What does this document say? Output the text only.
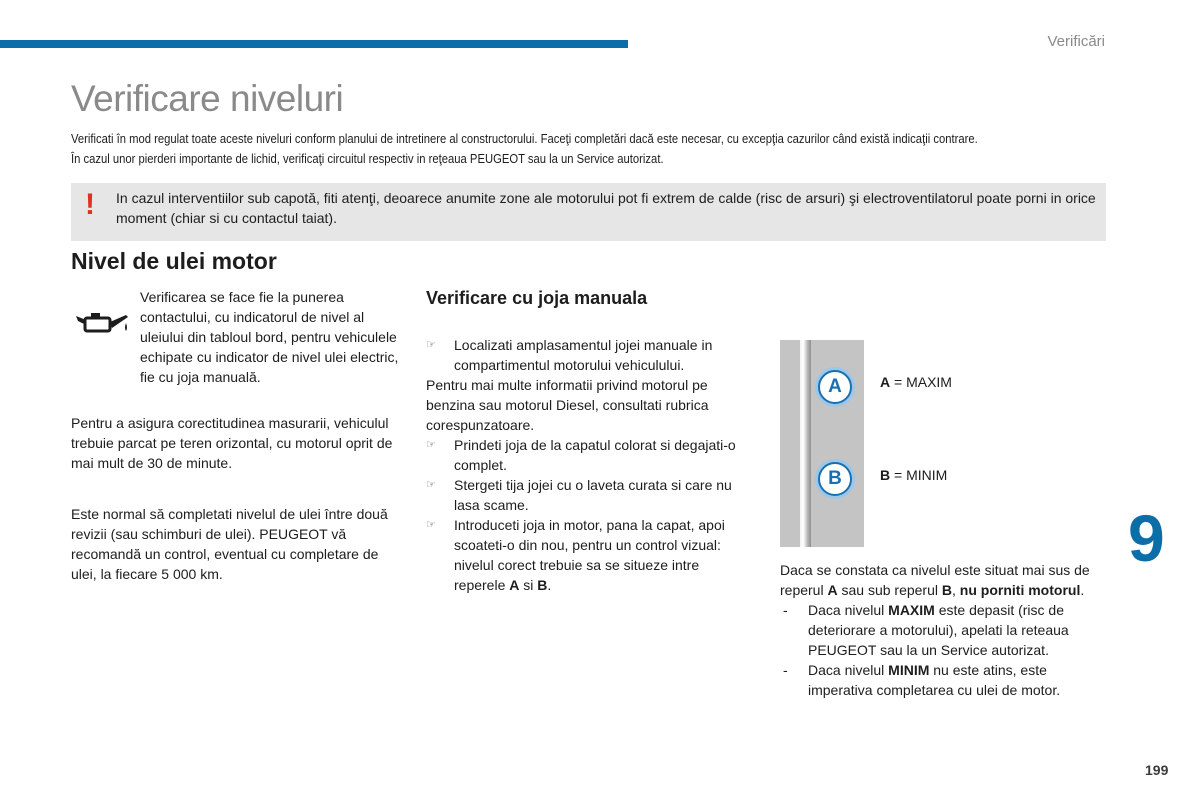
Verificări
Verificare niveluri

Verificati în mod regulat toate aceste niveluri conform planului de intretinere al constructorului. Faceţi completări dacă este necesar, cu excepţia cazurilor când există indicaţii contrare.

În cazul unor pierderi importante de lichid, verificaţi circuitul respectiv in reţeaua PEUGEOT sau la un Service autorizat.

! In cazul interventiilor sub capotă, fiti atenţi, deoarece anumite zone ale motorului pot fi extrem de calde (risc de arsuri) şi electroventilatorul poate porni in orice moment (chiar si cu contactul taiat).

Nivel de ulei motor

Verificarea se face fie la punerea contactului, cu indicatorul de nivel al uleiului din tabloul bord, pentru vehiculele echipate cu indicator de nivel ulei electric, fie cu joja manuală.

Pentru a asigura corectitudinea masurarii, vehiculul trebuie parcat pe teren orizontal, cu motorul oprit de mai mult de 30 de minute.

Este normal să completati nivelul de ulei între două revizii (sau schimburi de ulei). PEUGEOT vă recomandă un control, eventual cu completare de ulei, la fiecare 5 000 km.

Verificare cu joja manuala
☞ Localizati amplasamentul jojei manuale in compartimentul motorului vehiculului.
Pentru mai multe informatii privind motorul pe benzina sau motorul Diesel, consultati rubrica corespunzatoare.
☞ Prindeti joja de la capatul colorat si degajati-o complet.
☞ Stergeti tija jojei cu o laveta curata si care nu lasa scame.
☞ Introduceti joja in motor, pana la capat, apoi scoateti-o din nou, pentru un control vizual: nivelul corect trebuie sa se situeze intre reperele A si B.
A
B
A = MAXIM
B = MINIM

Daca se constata ca nivelul este situat mai sus de reperul A sau sub reperul B, nu porniti motorul.

- Daca nivelul MAXIM este depasit (risc de deteriorare a motorului), apelati la reteaua PEUGEOT sau la un Service autorizat.
- Daca nivelul MINIM nu este atins, este imperativa completarea cu ulei de motor.
9
199
